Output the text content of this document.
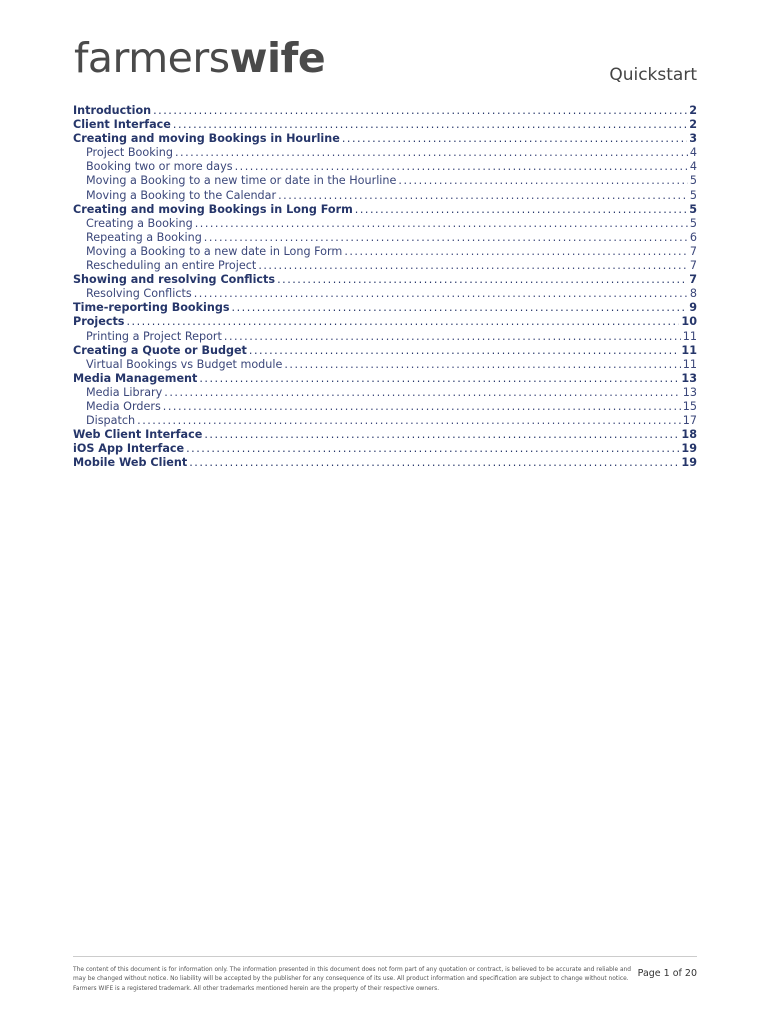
farmerswife	Quickstart
Introduction .....	2
Client Interface .....	2
Creating and moving Bookings in Hourline .....	3
Project Booking .....	4
Booking two or more days .....	4
Moving a Booking to a new time or date in the Hourline .....	5
Moving a Booking to the Calendar .....	5
Creating and moving Bookings in Long Form .....	5
Creating a Booking .....	5
Repeating a Booking .....	6
Moving a Booking to a new date in Long Form .....	7
Rescheduling an entire Project .....	7
Showing and resolving Conflicts .....	7
Resolving Conflicts .....	8
Time-reporting Bookings .....	9
Projects .....	10
Printing a Project Report .....	11
Creating a Quote or Budget .....	11
Virtual Bookings vs Budget module .....	11
Media Management .....	13
Media Library .....	13
Media Orders .....	15
Dispatch .....	17
Web Client Interface .....	18
iOS App Interface .....	19
Mobile Web Client .....	19
The content of this document is for information only. The information presented in this document does not form part of any quotation or contract, is believed to be accurate and reliable and
may be changed without notice. No liability will be accepted by the publisher for any consequence of its use. All product information and specification are subject to change without notice.
Farmers WIFE is a registered trademark. All other trademarks mentioned herein are the property of their respective owners.
Page 1 of 20
